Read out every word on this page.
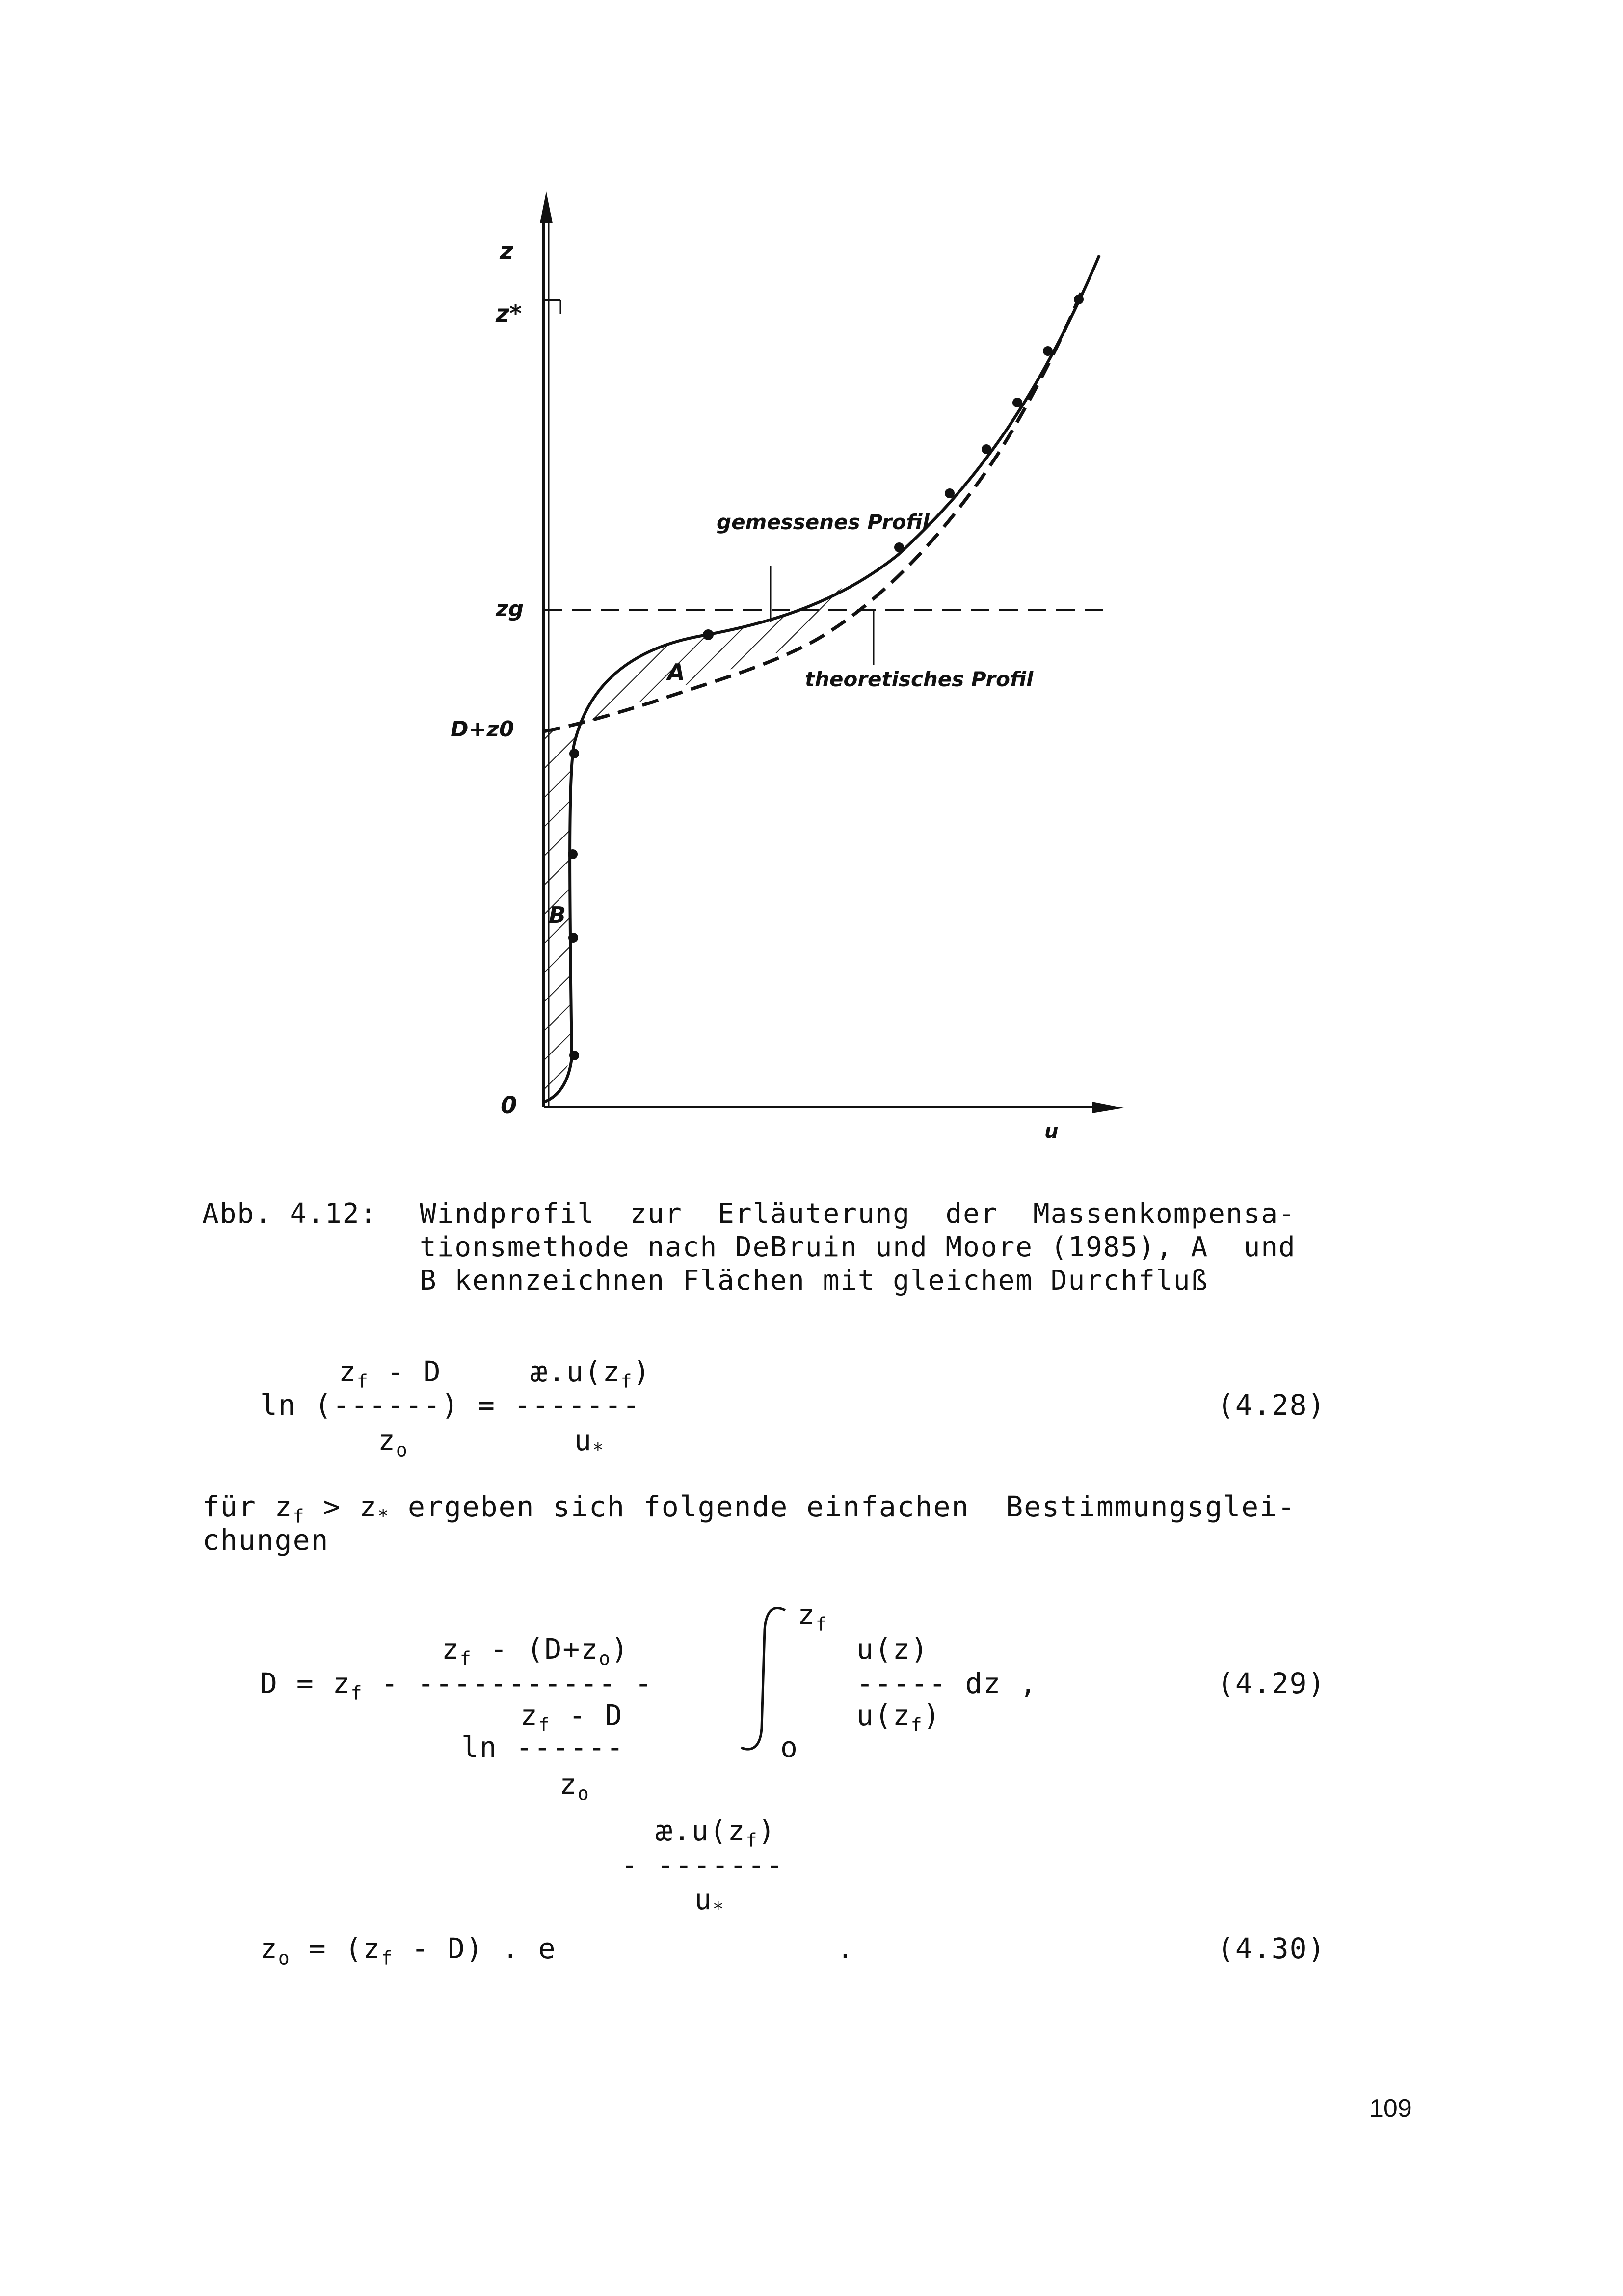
z
z*
zg
D+z0
0
u
gemessenes Profil
theoretisches Profil
A
B
Abb. 4.12: Windprofil  zur  Erläuterung  der  Massenkompensa-
tionsmethode nach DeBruin und Moore (1985), A  und
B kennzeichnen Flächen mit gleichem Durchfluß

$z_f$ - D

	$æ.u(z_f)$

ln (------) = -------

$z_o$

	$u_*$

(4.28)
für $z_f > z_*$ ergeben sich folgende einfachen  Bestimmungsglei-
chungen

$z_f$

$z_f - (D+z_o)$

	u(z)

$D = z_f$ - ----------- -

	----- dz ,

$z_f$ - D

	$u(z_f)$

ln ------

	o

$z_o$

(4.29)

$æ.u(z_f)$

- -------

$u_*$

$z_o = (z_f - D)$ . e

	.	(4.30)
109
